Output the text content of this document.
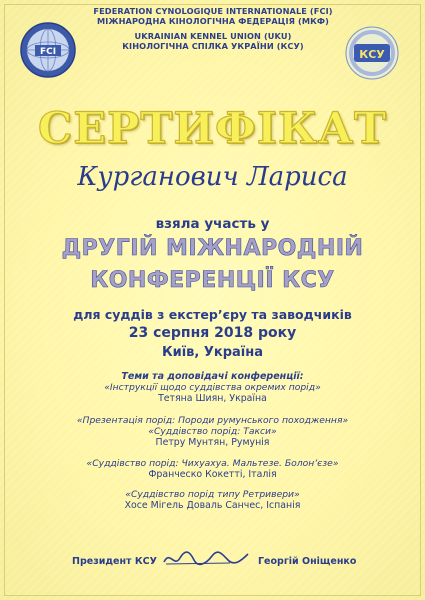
FCI	КСУ
FEDERATION CYNOLOGIQUE INTERNATIONALE (FCI)
МІЖНАРОДНА КІНОЛОГІЧНА ФЕДЕРАЦІЯ (МКФ)
UKRAINIAN KENNEL UNION (UKU)
КІНОЛОГІЧНА СПІЛКА УКРАЇНИ (КСУ)
СЕРТИФІКАТ
Курганович Лариса
взяла участь у
ДРУГІЙ МІЖНАРОДНІЙ
КОНФЕРЕНЦІЇ КСУ
для суддів з екстер’єру та заводчиків
23 серпня 2018 року
Київ, Україна
Теми та доповідачі конференції:
«Інструкції щодо суддівства окремих порід»
Тетяна Шиян, Україна
«Презентація порід: Породи румунського походження»
«Суддівство порід: Такси»
Петру Мунтян, Румунія
«Суддівство порід: Чихуахуа. Мальтезе. Болон’єзе»
Франческо Кокетті, Італія
«Суддівство порід типу Ретривери»
Хосе Мігель Доваль Санчес, Іспанія
Президент КСУ	Георгій Оніщенко
